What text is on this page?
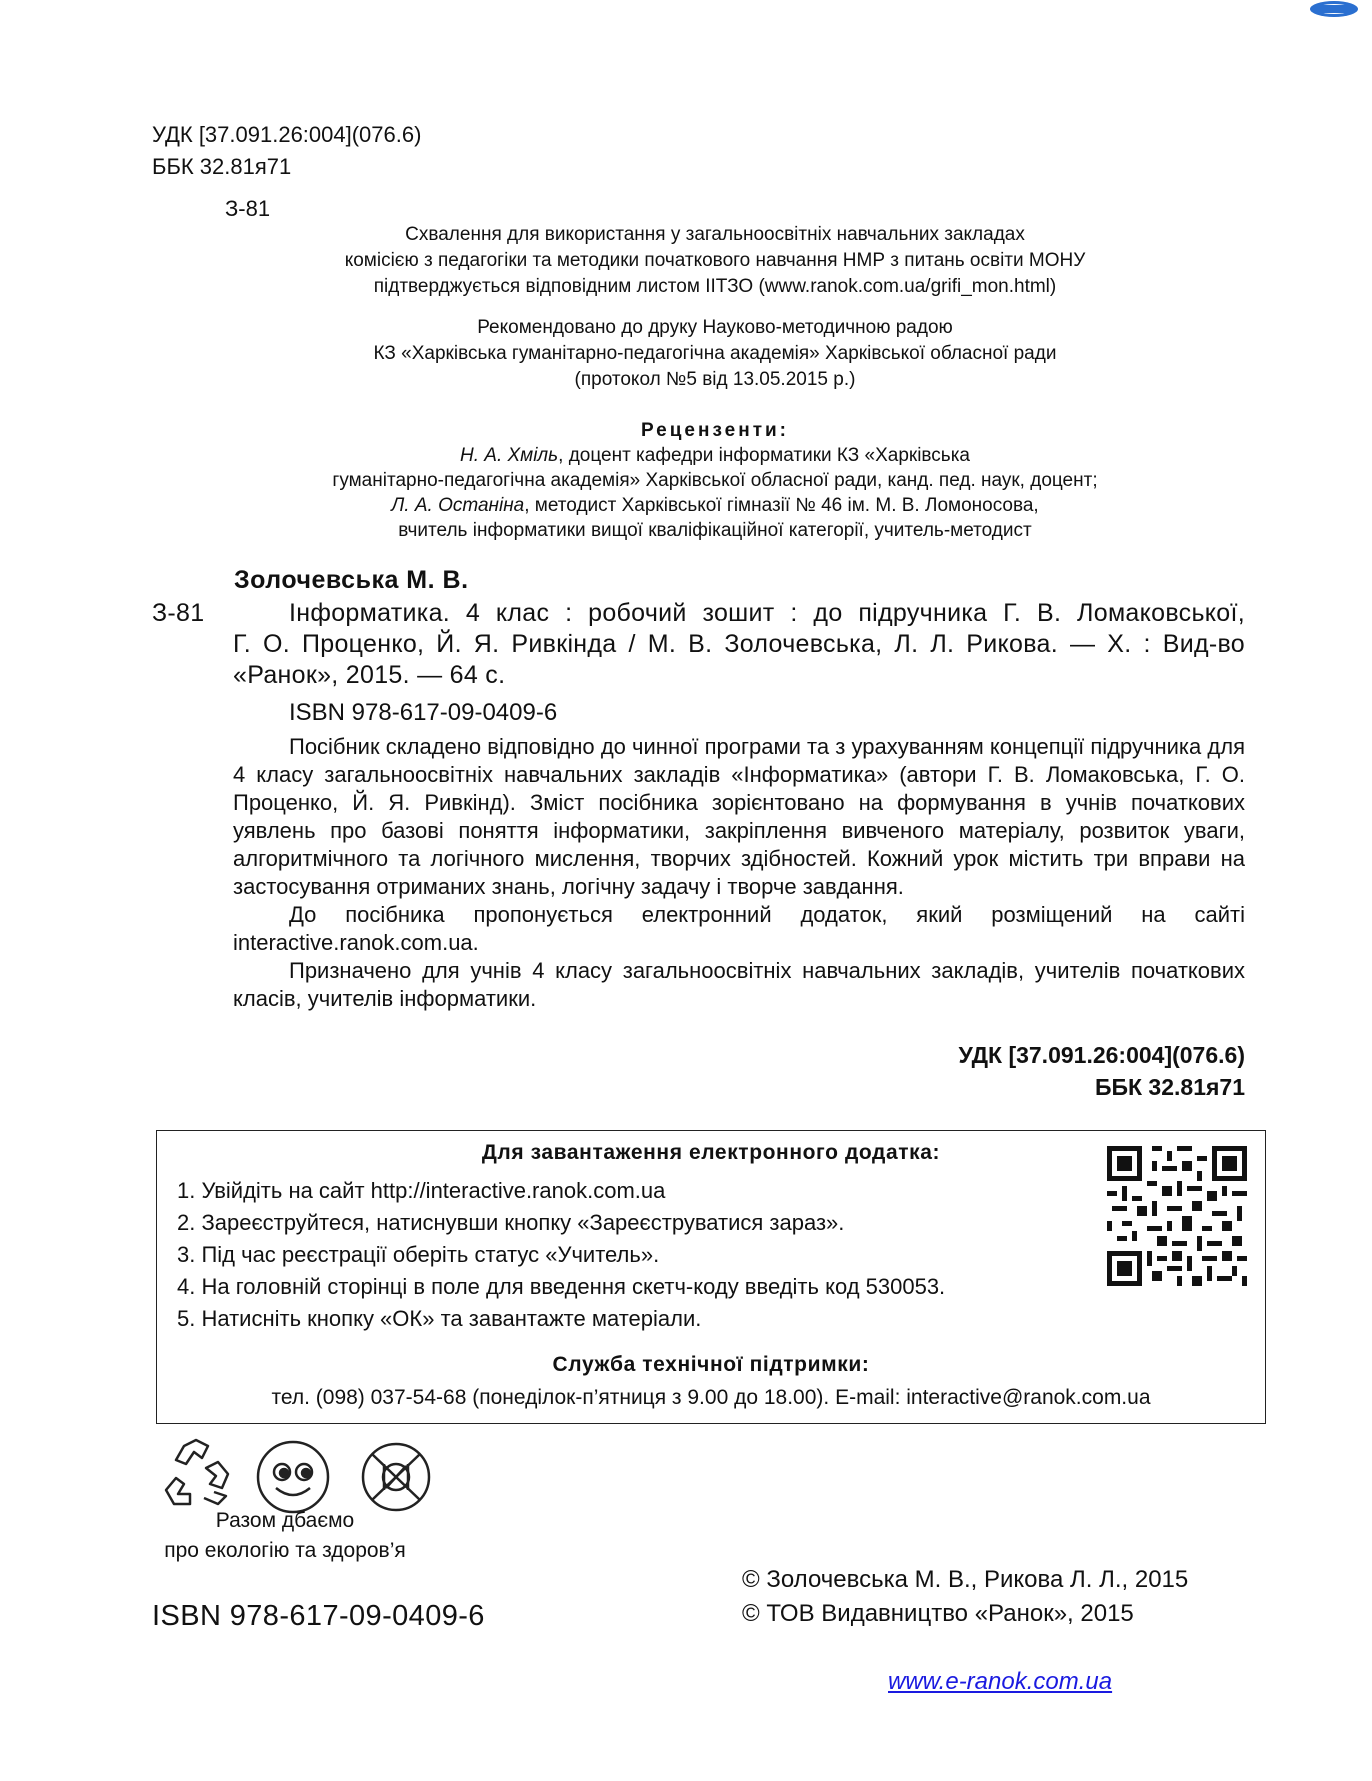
УДК [37.091.26:004](076.6)
ББК 32.81я71
З-81
Схвалення для використання у загальноосвітніх навчальних закладах
комісією з педагогіки та методики початкового навчання НМР з питань освіти МОНУ
підтверджується відповідним листом ІІТЗО (www.ranok.com.ua/grifi_mon.html)
Рекомендовано до друку Науково-методичною радою
КЗ «Харківська гуманітарно-педагогічна академія» Харківської обласної ради
(протокол №5 від 13.05.2015 р.)
Рецензенти:
Н. А. Хміль, доцент кафедри інформатики КЗ «Харківська
гуманітарно-педагогічна академія» Харківської обласної ради, канд. пед. наук, доцент;
Л. А. Останіна, методист Харківської гімназії № 46 ім. М. В. Ломоносова,
вчитель інформатики вищої кваліфікаційної категорії, учитель-методист
Золочевська М. В.
З-81	Інформатика. 4 клас : робочий зошит : до підручника Г. В. Ломаковської,
Г. О. Проценко, Й. Я. Ривкінда / М. В. Золочевська, Л. Л. Рикова. — Х. : Вид-во
«Ранок», 2015. — 64 с.
ISBN 978-617-09-0409-6
Посібник складено відповідно до чинної програми та з урахуванням концепції підручника для 4 класу загальноосвітніх навчальних закладів «Інформатика» (автори Г. В. Ломаковська, Г. О. Проценко, Й. Я. Ривкінд). Зміст посібника зорієнтовано на формування в учнів початкових уявлень про базові поняття інформатики, закріплення вивченого матеріалу, розвиток уваги, алгоритмічного та логічного мислення, творчих здібностей. Кожний урок містить три вправи на застосування отриманих знань, логічну задачу і творче завдання.
До посібника пропонується електронний додаток, який розміщений на сайті interactive.ranok.com.ua.
Призначено для учнів 4 класу загальноосвітніх навчальних закладів, учителів початкових класів, учителів інформатики.
УДК [37.091.26:004](076.6)
ББК 32.81я71
Для завантаження електронного додатка:
1. Увійдіть на сайт http://interactive.ranok.com.ua
2. Зареєструйтеся, натиснувши кнопку «Зареєструватися зараз».
3. Під час реєстрації оберіть статус «Учитель».
4. На головній сторінці в поле для введення скетч-коду введіть код 530053.
5. Натисніть кнопку «ОК» та завантажте матеріали.
Служба технічної підтримки:
тел. (098) 037-54-68 (понеділок-п’ятниця з 9.00 до 18.00). E-mail: interactive@ranok.com.ua
Разом дбаємо
про екологію та здоров’я
ISBN 978-617-09-0409-6
© Золочевська М. В., Рикова Л. Л., 2015
© ТОВ Видавництво «Ранок», 2015
www.e-ranok.com.ua
